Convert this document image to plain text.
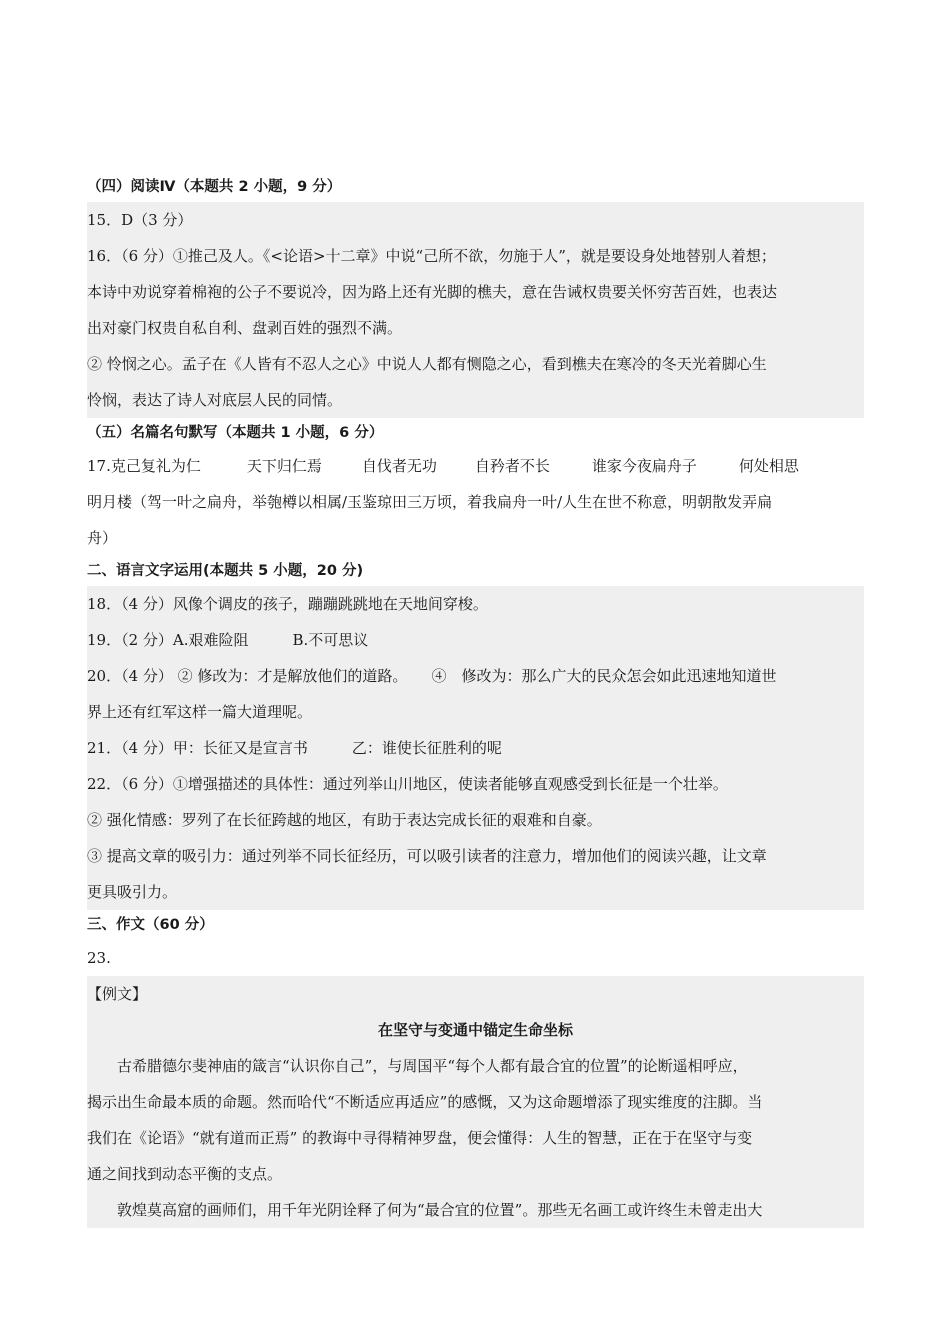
（四）阅读Ⅳ（本题共 2 小题，9 分）
15．D（3 分）
16．（6 分）①推己及人。《<论语>十二章》中说“己所不欲，勿施于人”，就是要设身处地替别人着想；
本诗中劝说穿着棉袍的公子不要说冷，因为路上还有光脚的樵夫，意在告诫权贵要关怀穷苦百姓，也表达
出对豪门权贵自私自利、盘剥百姓的强烈不满。
② 怜悯之心。孟子在《人皆有不忍人之心》中说人人都有恻隐之心，看到樵夫在寒冷的冬天光着脚心生
怜悯，表达了诗人对底层人民的同情。
（五）名篇名句默写（本题共 1 小题，6 分）
17.克己复礼为仁	天下归仁焉	自伐者无功	自矜者不长	谁家今夜扁舟子	何处相思
明月楼（驾一叶之扁舟，举匏樽以相属/玉鉴琼田三万顷，着我扁舟一叶/人生在世不称意，明朝散发弄扁
舟）
二、语言文字运用(本题共 5 小题，20 分)
18．（4 分）风像个调皮的孩子，蹦蹦跳跳地在天地间穿梭。
19．（2 分）A.艰难险阻	B.不可思议
20．（4 分） ② 修改为：才是解放他们的道路。 ④　修改为：那么广大的民众怎会如此迅速地知道世
界上还有红军这样一篇大道理呢。
21．（4 分）甲：长征又是宣言书	乙：谁使长征胜利的呢
22．（6 分）①增强描述的具体性：通过列举山川地区，使读者能够直观感受到长征是一个壮举。
② 强化情感：罗列了在长征跨越的地区，有助于表达完成长征的艰难和自豪。
③ 提高文章的吸引力：通过列举不同长征经历，可以吸引读者的注意力，增加他们的阅读兴趣，让文章
更具吸引力。
三、作文（60 分）
23.
【例文】
在坚守与变通中锚定生命坐标
古希腊德尔斐神庙的箴言“认识你自己”，与周国平“每个人都有最合宜的位置”的论断遥相呼应，
揭示出生命最本质的命题。然而哈代“不断适应再适应”的感慨，又为这命题增添了现实维度的注脚。当
我们在《论语》“就有道而正焉” 的教诲中寻得精神罗盘，便会懂得：人生的智慧，正在于在坚守与变
通之间找到动态平衡的支点。
敦煌莫高窟的画师们，用千年光阴诠释了何为“最合宜的位置”。那些无名画工或许终生未曾走出大
